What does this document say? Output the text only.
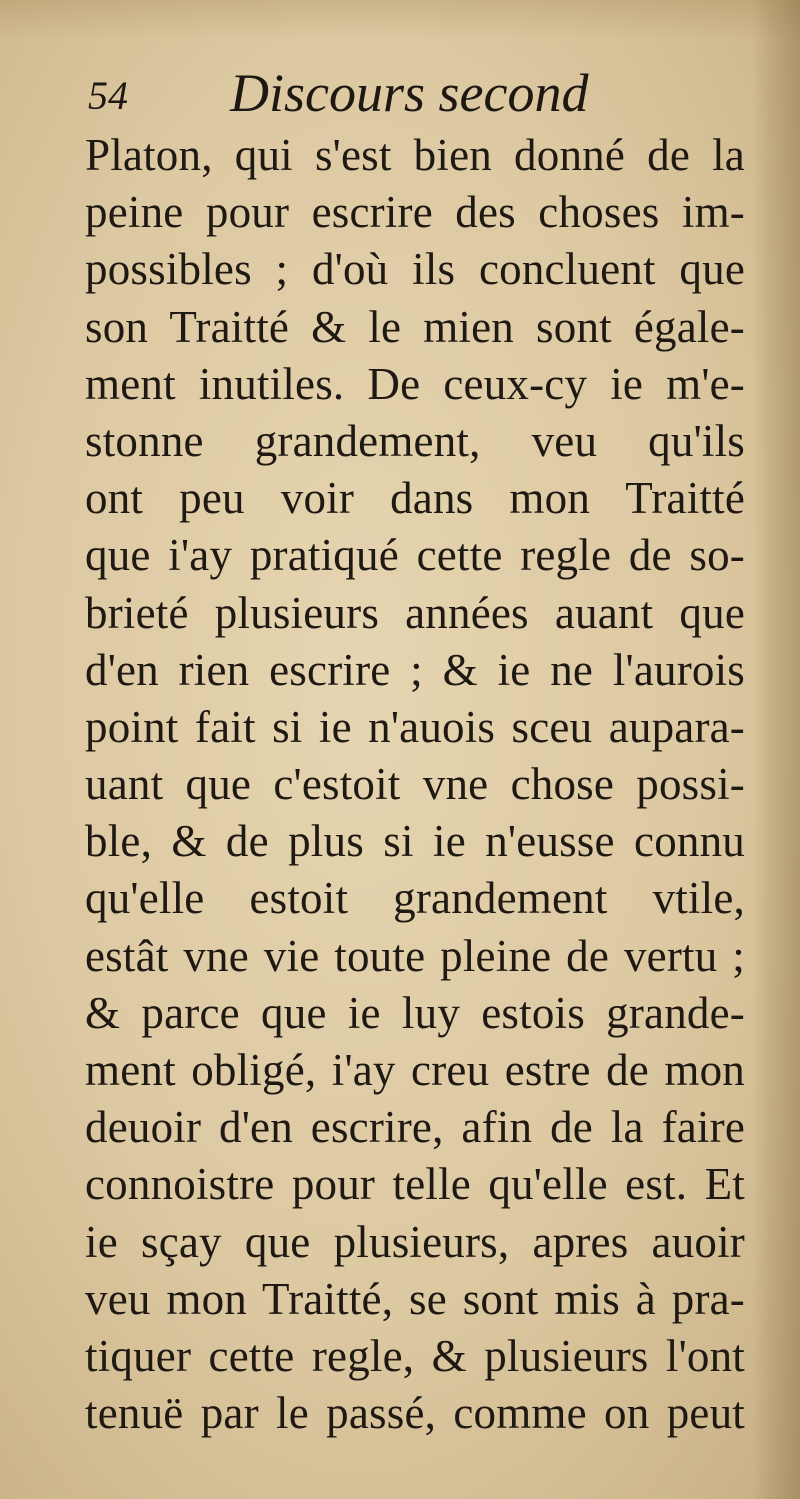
54 Discours second
Platon, qui s'est bien donné de la
peine pour escrire des choses im-
possibles ; d'où ils concluent que
son Traitté & le mien sont égale-
ment inutiles. De ceux-cy ie m'e-
stonne grandement, veu qu'ils
ont peu voir dans mon Traitté
que i'ay pratiqué cette regle de so-
brieté plusieurs années auant que
d'en rien escrire ; & ie ne l'aurois
point fait si ie n'auois sceu aupara-
uant que c'estoit vne chose possi-
ble, & de plus si ie n'eusse connu
qu'elle estoit grandement vtile,
estât vne vie toute pleine de vertu ;
& parce que ie luy estois grande-
ment obligé, i'ay creu estre de mon
deuoir d'en escrire, afin de la faire
connoistre pour telle qu'elle est. Et
ie sçay que plusieurs, apres auoir
veu mon Traitté, se sont mis à pra-
tiquer cette regle, & plusieurs l'ont
tenuë par le passé, comme on peut
